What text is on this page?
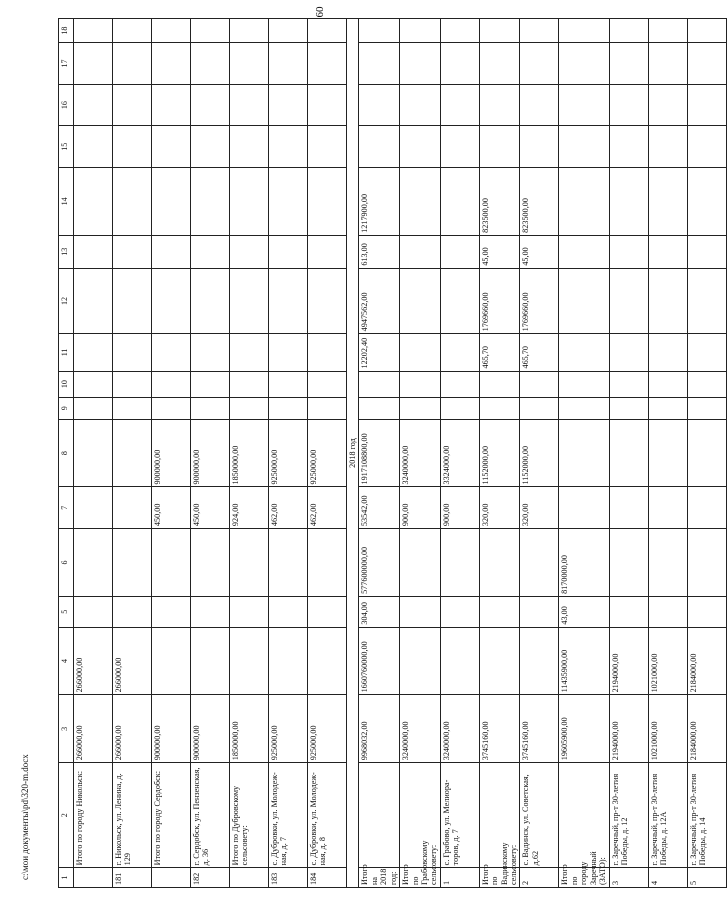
60
1	2	3	4	5	6	7	8	9	10	11	12	13	14	15	16	17	18
	Итого по городу Никольск:	266000,00	266000,00														
181	г. Никольск, ул. Ленина, д. 129	266000,00	266000,00														
	Итого по городу Сердобск:	900000,00				450,00	900000,00										
182	г. Сердобск, ул. Пензенская, д. 36	900000,00				450,00	900000,00										
	Итого по Дубровскому сельсовету:	1850000,00				924,00	1850000,00										
183	с. Дубровки, ул. Молодеж-ная, д. 7	925000,00				462,00	925000,00										
184	с. Дубровки, ул. Молодеж-ная, д. 8	925000,00				462,00	925000,00										
2018 год																	
Итого на 2018 год:		9968032,00	1660760000,00	304,00	577600000,00	53542,00	1917108800,00			12202,40	4947562,00	613,00	1217900,00				
Итого по Грабовскому сельсовету:		3240000,00				900,00	3240000,00										
1	с. Грабово, ул. Мелиора-торов, д. 7	3240000,00				900,00	3324000,00										
Итого по Вадинскому сельсовету:		3745160,00				320,00	1152000,00			465,70	1769660,00	45,00	823500,00				
2	с. Вадинск, ул. Советская, д.62	3745160,00				320,00	1152000,00			465,70	1769660,00	45,00	823500,00				
Итого по городу Заречный (ЗАТО):		19605900,00	11435900,00	43,00	8170000,00												
3	г. Заречный, пр-т 30-летия Победы, д. 12	2194000,00	2194000,00														
4	г. Заречный, пр-т 30-летия Победы, д. 12А	1021000,00	1021000,00														
5	г. Заречный, пр-т 30-летия Победы, д. 14	2184000,00	2184000,00														
c:\мои документы\pd\320-m.docx
